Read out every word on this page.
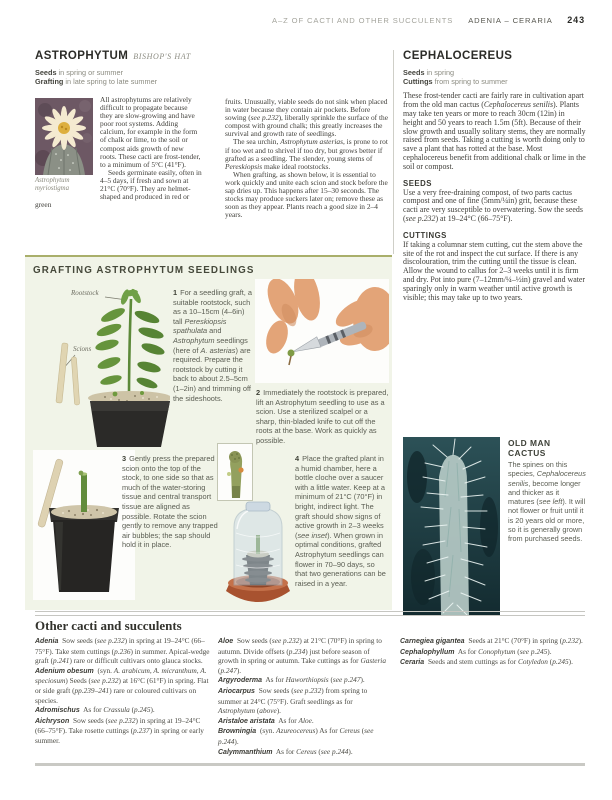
A–Z OF CACTI AND OTHER SUCCULENTS ADENIA – CERARIA 243
ASTROPHYTUM BISHOP'S HAT
Seeds in spring or summer
Grafting in late spring to late summer
Astrophytum myriostigma

All astrophytums are relatively difficult to propagate because they are slow-growing and have poor root systems. Adding calcium, for example in the form of chalk or lime, to the soil or compost aids growth of new roots. These cacti are frost-tender, to a minimum of 5°C (41°F).

Seeds germinate easily, often in 4–5 days, if fresh and sown at 21°C (70°F). They are helmet-shaped and produced in red or green

fruits. Unusually, viable seeds do not sink when placed in water because they contain air pockets. Before sowing (see p.232), liberally sprinkle the surface of the compost with ground chalk; this greatly increases the survival and growth rate of seedlings.

The sea urchin, Astrophytum asterias, is prone to rot if too wet and to shrivel if too dry, but grows better if grafted as a seedling. The slender, young stems of Pereskiopsis make ideal rootstocks.

When grafting, as shown below, it is essential to work quickly and unite each scion and stock before the sap dries up. This happens after 15–30 seconds. The stocks may produce suckers later on; remove these as soon as they appear. Plants reach a good size in 2–4 years.

CEPHALOCEREUS
Seeds in spring
Cuttings from spring to summer

These frost-tender cacti are fairly rare in cultivation apart from the old man cactus (Cephalocereus senilis). Plants may take ten years or more to reach 30cm (12in) in height and 50 years to reach 1.5m (5ft). Because of their slow growth and usually solitary stems, they are normally raised from seeds. Taking a cutting is worth doing only to save a plant that has rotted at the base. Most cephalocereus benefit from additional chalk or lime in the soil or compost.

SEEDS

Use a very free-draining compost, of two parts cactus compost and one of fine (5mm/¼in) grit, because these cacti are very susceptible to overwatering. Sow the seeds (see p.232) at 19–24°C (66–75°F).

CUTTINGS

If taking a columnar stem cutting, cut the stem above the site of the rot and inspect the cut surface. If there is any discolouration, trim the cutting until the tissue is clean. Allow the wound to callus for 2–3 weeks until it is firm and dry. Pot into pure (7–12mm/¼–½in) gravel and water sparingly only in warm weather until active growth is visible; this may take up to two years.

OLD MAN CACTUS
The spines on this species, Cephalocereus senilis, become longer and thicker as it matures (see left). It will not flower or fruit until it is 20 years old or more, so it is generally grown from purchased seeds.
GRAFTING ASTROPHYTUM SEEDLINGS
Rootstock
Scions
1 For a seedling graft, a suitable rootstock, such as a 10–15cm (4–6in) tall Pereskiopsis spathulata and Astrophytum seedlings (here of A. asterias) are required. Prepare the rootstock by cutting it back to about 2.5–5cm (1–2in) and trimming off the sideshoots.
2 Immediately the rootstock is prepared, lift an Astrophytum seedling to use as a scion. Use a sterilized scalpel or a sharp, thin-bladed knife to cut off the roots at the base. Work as quickly as possible.
3 Gently press the prepared scion onto the top of the stock, to one side so that as much of the water-storing tissue and central transport tissue are aligned as possible. Rotate the scion gently to remove any trapped air bubbles; the sap should hold it in place.
4 Place the grafted plant in a humid chamber, here a bottle cloche over a saucer with a little water. Keep at a minimum of 21°C (70°F) in bright, indirect light. The graft should show signs of active growth in 2–3 weeks (see inset). When grown in optimal conditions, grafted Astrophytum seedlings can flower in 70–90 days, so that two generations can be raised in a year.
Other cacti and succulents

Adenia Sow seeds (see p.232) in spring at 19–24°C (66–75°F). Take stem cuttings (p.236) in summer. Apical-wedge graft (p.241) rare or difficult cultivars onto glauca stocks.

Adenium obesum (syn. A. arabicum, A. micranthum, A. speciosum) Seeds (see p.232) at 16°C (61°F) in spring. Flat or side graft (pp.239–241) rare or coloured cultivars on species.

Adromischus As for Crassula (p.245).

Aichryson Sow seeds (see p.232) in spring at 19–24°C (66–75°F). Take rosette cuttings (p.237) in spring or early summer.

Aloe Sow seeds (see p.232) at 21°C (70°F) in spring to autumn. Divide offsets (p.234) just before season of growth in spring or autumn. Take cuttings as for Gasteria (p.247).

Argyroderma As for Haworthiopsis (see p.247).

Ariocarpus Sow seeds (see p.232) from spring to summer at 24°C (75°F). Graft seedlings as for Astrophytum (above).

Aristaloe aristata As for Aloe.

Browningia (syn. Azureocereus) As for Cereus (see p.244).

Calymmanthium As for Cereus (see p.244).

Carnegiea gigantea Seeds at 21°C (70°F) in spring (p.232).

Cephalophyllum As for Conophytum (see p.245).

Ceraria Seeds and stem cuttings as for Cotyledon (p.245).
